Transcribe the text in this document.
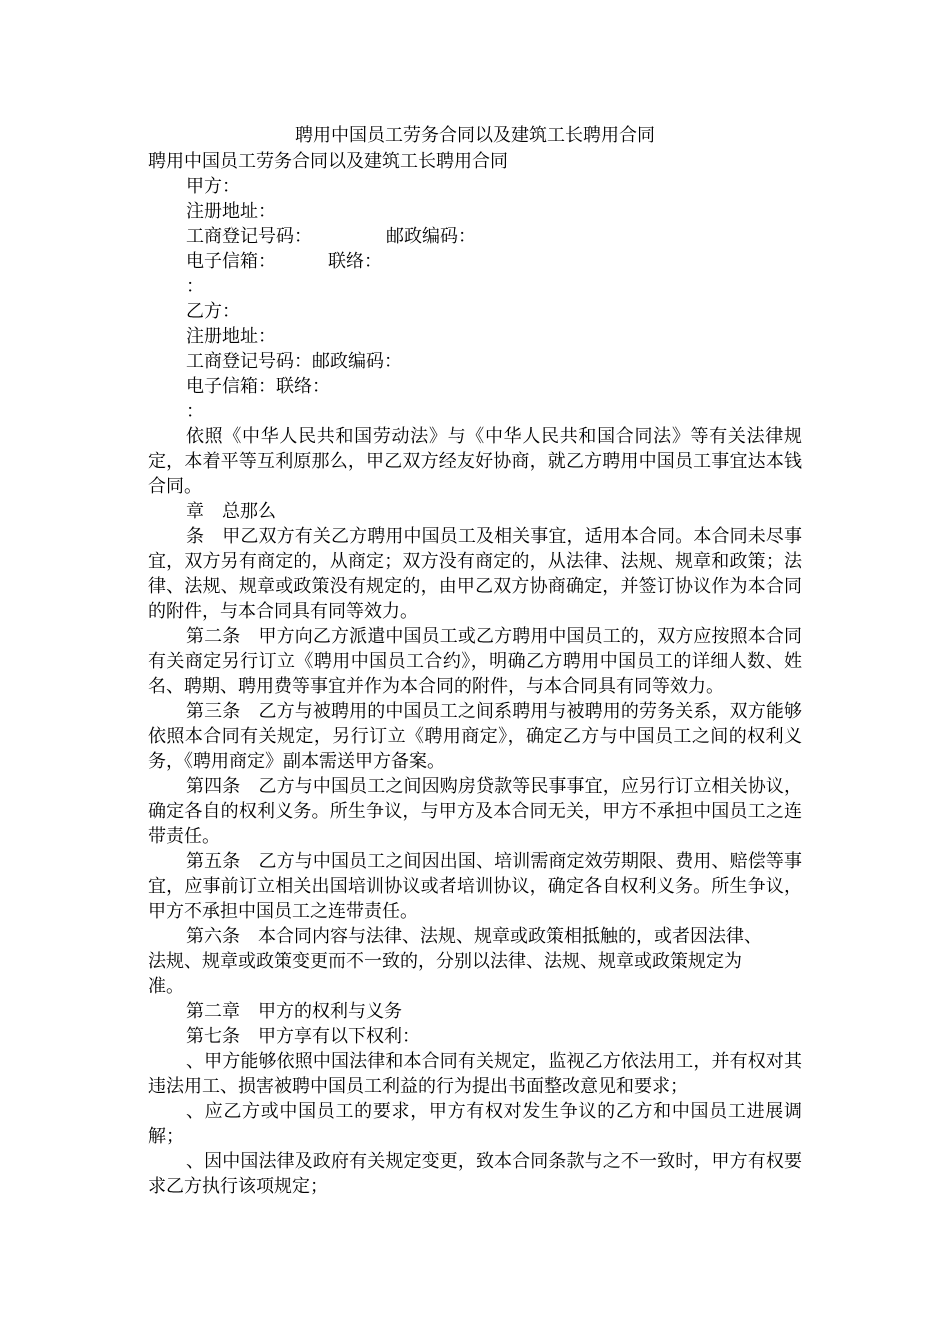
聘用中国员工劳务合同以及建筑工长聘用合同
聘用中国员工劳务合同以及建筑工长聘用合同
甲方：
注册地址：
工商登记号码：	邮政编码：
电子信箱：	联络：
：
乙方：
注册地址：
工商登记号码：邮政编码：
电子信箱：联络：
：

依照《中华人民共和国劳动法》与《中华人民共和国合同法》等有关法律规定，本着平等互利原那么，甲乙双方经友好协商，就乙方聘用中国员工事宜达本钱合同。

章 总那么

条 甲乙双方有关乙方聘用中国员工及相关事宜，适用本合同。本合同未尽事宜，双方另有商定的，从商定；双方没有商定的，从法律、法规、规章和政策；法律、法规、规章或政策没有规定的，由甲乙双方协商确定，并签订协议作为本合同的附件，与本合同具有同等效力。

第二条 甲方向乙方派遣中国员工或乙方聘用中国员工的，双方应按照本合同有关商定另行订立《聘用中国员工合约》，明确乙方聘用中国员工的详细人数、姓名、聘期、聘用费等事宜并作为本合同的附件，与本合同具有同等效力。

第三条 乙方与被聘用的中国员工之间系聘用与被聘用的劳务关系，双方能够依照本合同有关规定，另行订立《聘用商定》，确定乙方与中国员工之间的权利义务，《聘用商定》副本需送甲方备案。

第四条 乙方与中国员工之间因购房贷款等民事事宜，应另行订立相关协议，确定各自的权利义务。所生争议，与甲方及本合同无关，甲方不承担中国员工之连带责任。

第五条 乙方与中国员工之间因出国、培训需商定效劳期限、费用、赔偿等事宜，应事前订立相关出国培训协议或者培训协议，确定各自权利义务。所生争议，甲方不承担中国员工之连带责任。

第六条 本合同内容与法律、法规、规章或政策相抵触的，或者因法律、
法规、规章或政策变更而不一致的，分别以法律、法规、规章或政策规定为
准。
第二章 甲方的权利与义务
第七条 甲方享有以下权利：

、甲方能够依照中国法律和本合同有关规定，监视乙方依法用工，并有权对其违法用工、损害被聘中国员工利益的行为提出书面整改意见和要求；

、应乙方或中国员工的要求，甲方有权对发生争议的乙方和中国员工进展调解；

、因中国法律及政府有关规定变更，致本合同条款与之不一致时，甲方有权要求乙方执行该项规定；
